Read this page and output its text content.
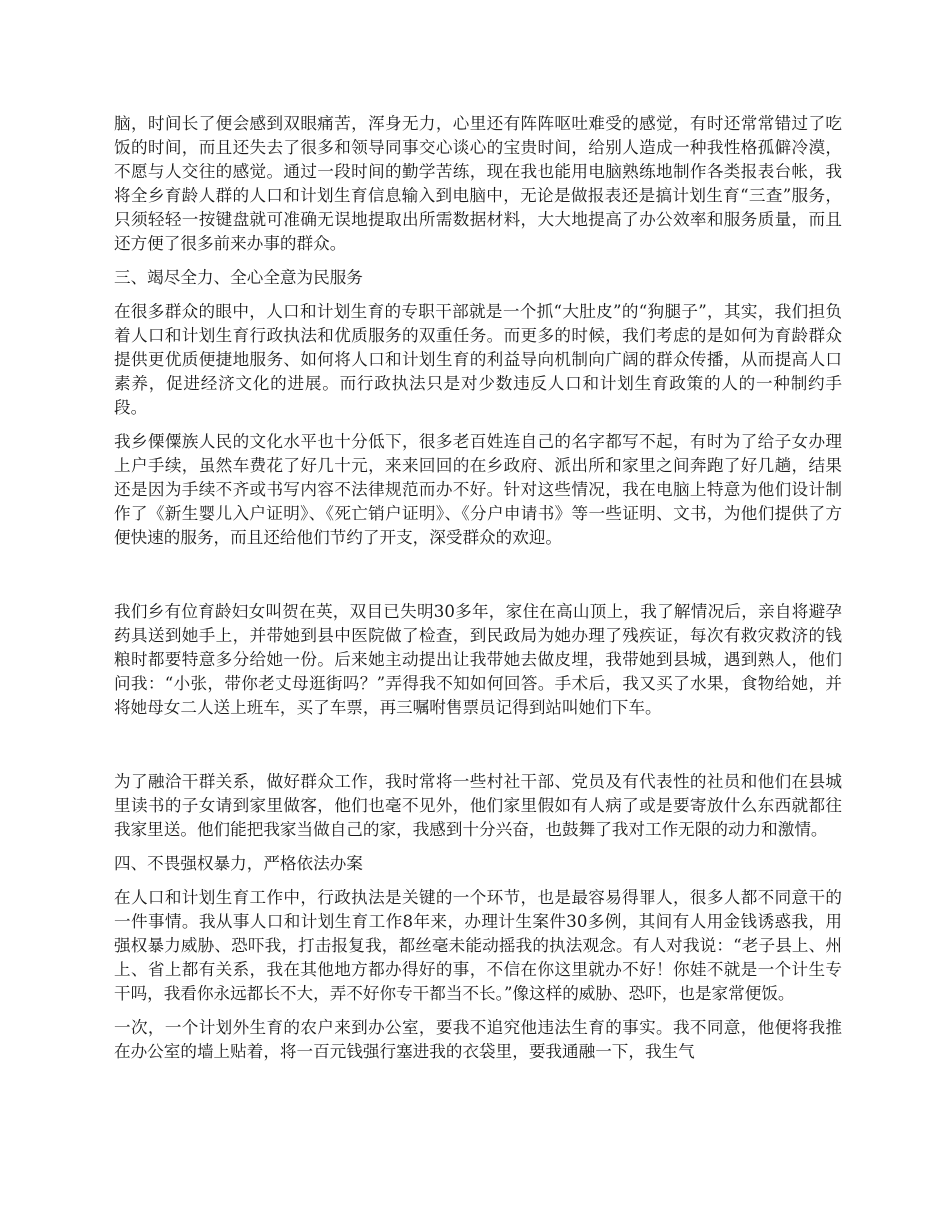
脑，时间长了便会感到双眼痛苦，浑身无力，心里还有阵阵呕吐难受的感觉，有时还常常错过了吃饭的时间，而且还失去了很多和领导同事交心谈心的宝贵时间，给别人造成一种我性格孤僻冷漠，不愿与人交往的感觉。通过一段时间的勤学苦练，现在我也能用电脑熟练地制作各类报表台帐，我将全乡育龄人群的人口和计划生育信息输入到电脑中，无论是做报表还是搞计划生育“三查”服务，只须轻轻一按键盘就可准确无误地提取出所需数据材料，大大地提高了办公效率和服务质量，而且还方便了很多前来办事的群众。

三、竭尽全力、全心全意为民服务

在很多群众的眼中，人口和计划生育的专职干部就是一个抓“大肚皮”的“狗腿子”，其实，我们担负着人口和计划生育行政执法和优质服务的双重任务。而更多的时候，我们考虑的是如何为育龄群众提供更优质便捷地服务、如何将人口和计划生育的利益导向机制向广阔的群众传播，从而提高人口素养，促进经济文化的进展。而行政执法只是对少数违反人口和计划生育政策的人的一种制约手段。

我乡傈僳族人民的文化水平也十分低下，很多老百姓连自己的名字都写不起，有时为了给子女办理上户手续，虽然车费花了好几十元，来来回回的在乡政府、派出所和家里之间奔跑了好几趟，结果还是因为手续不齐或书写内容不法律规范而办不好。针对这些情况，我在电脑上特意为他们设计制作了《新生婴儿入户证明》、《死亡销户证明》、《分户申请书》等一些证明、文书，为他们提供了方便快速的服务，而且还给他们节约了开支，深受群众的欢迎。

我们乡有位育龄妇女叫贺在英，双目已失明30多年，家住在高山顶上，我了解情况后，亲自将避孕药具送到她手上，并带她到县中医院做了检查，到民政局为她办理了残疾证，每次有救灾救济的钱粮时都要特意多分给她一份。后来她主动提出让我带她去做皮埋，我带她到县城，遇到熟人，他们问我：“小张，带你老丈母逛街吗？”弄得我不知如何回答。手术后，我又买了水果，食物给她，并将她母女二人送上班车，买了车票，再三嘱咐售票员记得到站叫她们下车。

为了融洽干群关系，做好群众工作，我时常将一些村社干部、党员及有代表性的社员和他们在县城里读书的子女请到家里做客，他们也毫不见外，他们家里假如有人病了或是要寄放什么东西就都往我家里送。他们能把我家当做自己的家，我感到十分兴奋，也鼓舞了我对工作无限的动力和激情。

四、不畏强权暴力，严格依法办案

在人口和计划生育工作中，行政执法是关键的一个环节，也是最容易得罪人，很多人都不同意干的一件事情。我从事人口和计划生育工作8年来，办理计生案件30多例，其间有人用金钱诱惑我，用强权暴力威胁、恐吓我，打击报复我，都丝毫未能动摇我的执法观念。有人对我说：“老子县上、州上、省上都有关系，我在其他地方都办得好的事，不信在你这里就办不好！你娃不就是一个计生专干吗，我看你永远都长不大，弄不好你专干都当不长。”像这样的威胁、恐吓，也是家常便饭。

一次，一个计划外生育的农户来到办公室，要我不追究他违法生育的事实。我不同意，他便将我推在办公室的墙上贴着，将一百元钱强行塞进我的衣袋里，要我通融一下，我生气
